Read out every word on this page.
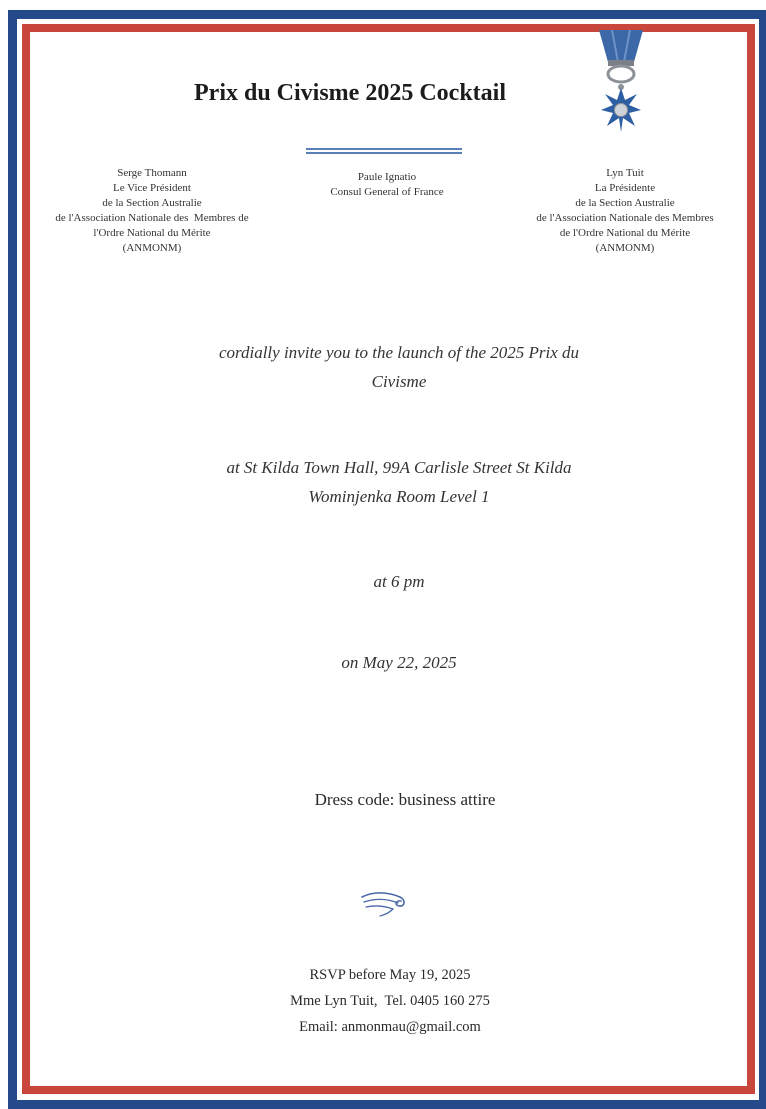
Prix du Civisme 2025 Cocktail
Serge Thomann
Le Vice Président
de la Section Australie
de l'Association Nationale des  Membres de
l'Ordre National du Mérite
(ANMONM)
Paule Ignatio
Consul General of France
Lyn Tuit
La Présidente
de la Section Australie
de l'Association Nationale des Membres
de l'Ordre National du Mérite
(ANMONM)
cordially invite you to the launch of the 2025 Prix du
Civisme
at St Kilda Town Hall, 99A Carlisle Street St Kilda
Wominjenka Room Level 1
at 6 pm
on May 22, 2025
Dress code: business attire
RSVP before May 19, 2025
Mme Lyn Tuit,  Tel. 0405 160 275
Email: anmonmau@gmail.com
